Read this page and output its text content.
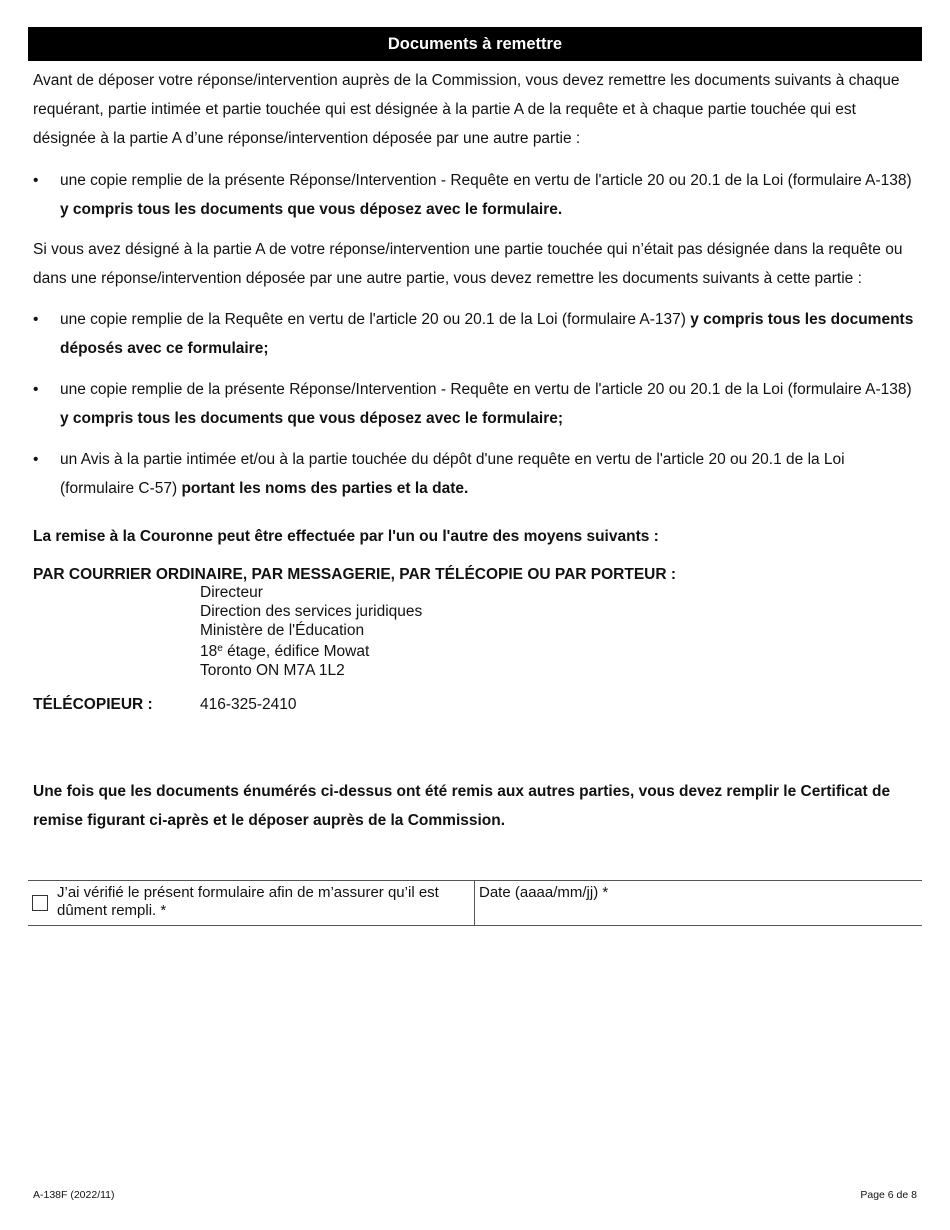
Documents à remettre

Avant de déposer votre réponse/intervention auprès de la Commission, vous devez remettre les documents suivants à chaque requérant, partie intimée et partie touchée qui est désignée à la partie A de la requête et à chaque partie touchée qui est désignée à la partie A d’une réponse/intervention déposée par une autre partie :

• une copie remplie de la présente Réponse/Intervention - Requête en vertu de l'article 20 ou 20.1 de la Loi (formulaire A-138) y compris tous les documents que vous déposez avec le formulaire.

Si vous avez désigné à la partie A de votre réponse/intervention une partie touchée qui n’était pas désignée dans la requête ou dans une réponse/intervention déposée par une autre partie, vous devez remettre les documents suivants à cette partie :

• une copie remplie de la Requête en vertu de l'article 20 ou 20.1 de la Loi (formulaire A-137) y compris tous les documents déposés avec ce formulaire;
• une copie remplie de la présente Réponse/Intervention - Requête en vertu de l'article 20 ou 20.1 de la Loi (formulaire A-138) y compris tous les documents que vous déposez avec le formulaire;
• un Avis à la partie intimée et/ou à la partie touchée du dépôt d'une requête en vertu de l'article 20 ou 20.1 de la Loi (formulaire C-57) portant les noms des parties et la date.
La remise à la Couronne peut être effectuée par l'un ou l'autre des moyens suivants :
PAR COURRIER ORDINAIRE, PAR MESSAGERIE, PAR TÉLÉCOPIE OU PAR PORTEUR :
Directeur
Direction des services juridiques
Ministère de l'Éducation
18e étage, édifice Mowat
Toronto ON M7A 1L2
TÉLÉCOPIEUR :	416-325-2410

Une fois que les documents énumérés ci-dessus ont été remis aux autres parties, vous devez remplir le Certificat de remise figurant ci-après et le déposer auprès de la Commission.

J’ai vérifié le présent formulaire afin de m’assurer qu’il est dûment rempli. *
Date (aaaa/mm/jj) *
A-138F (2022/11)	Page 6 de 8
